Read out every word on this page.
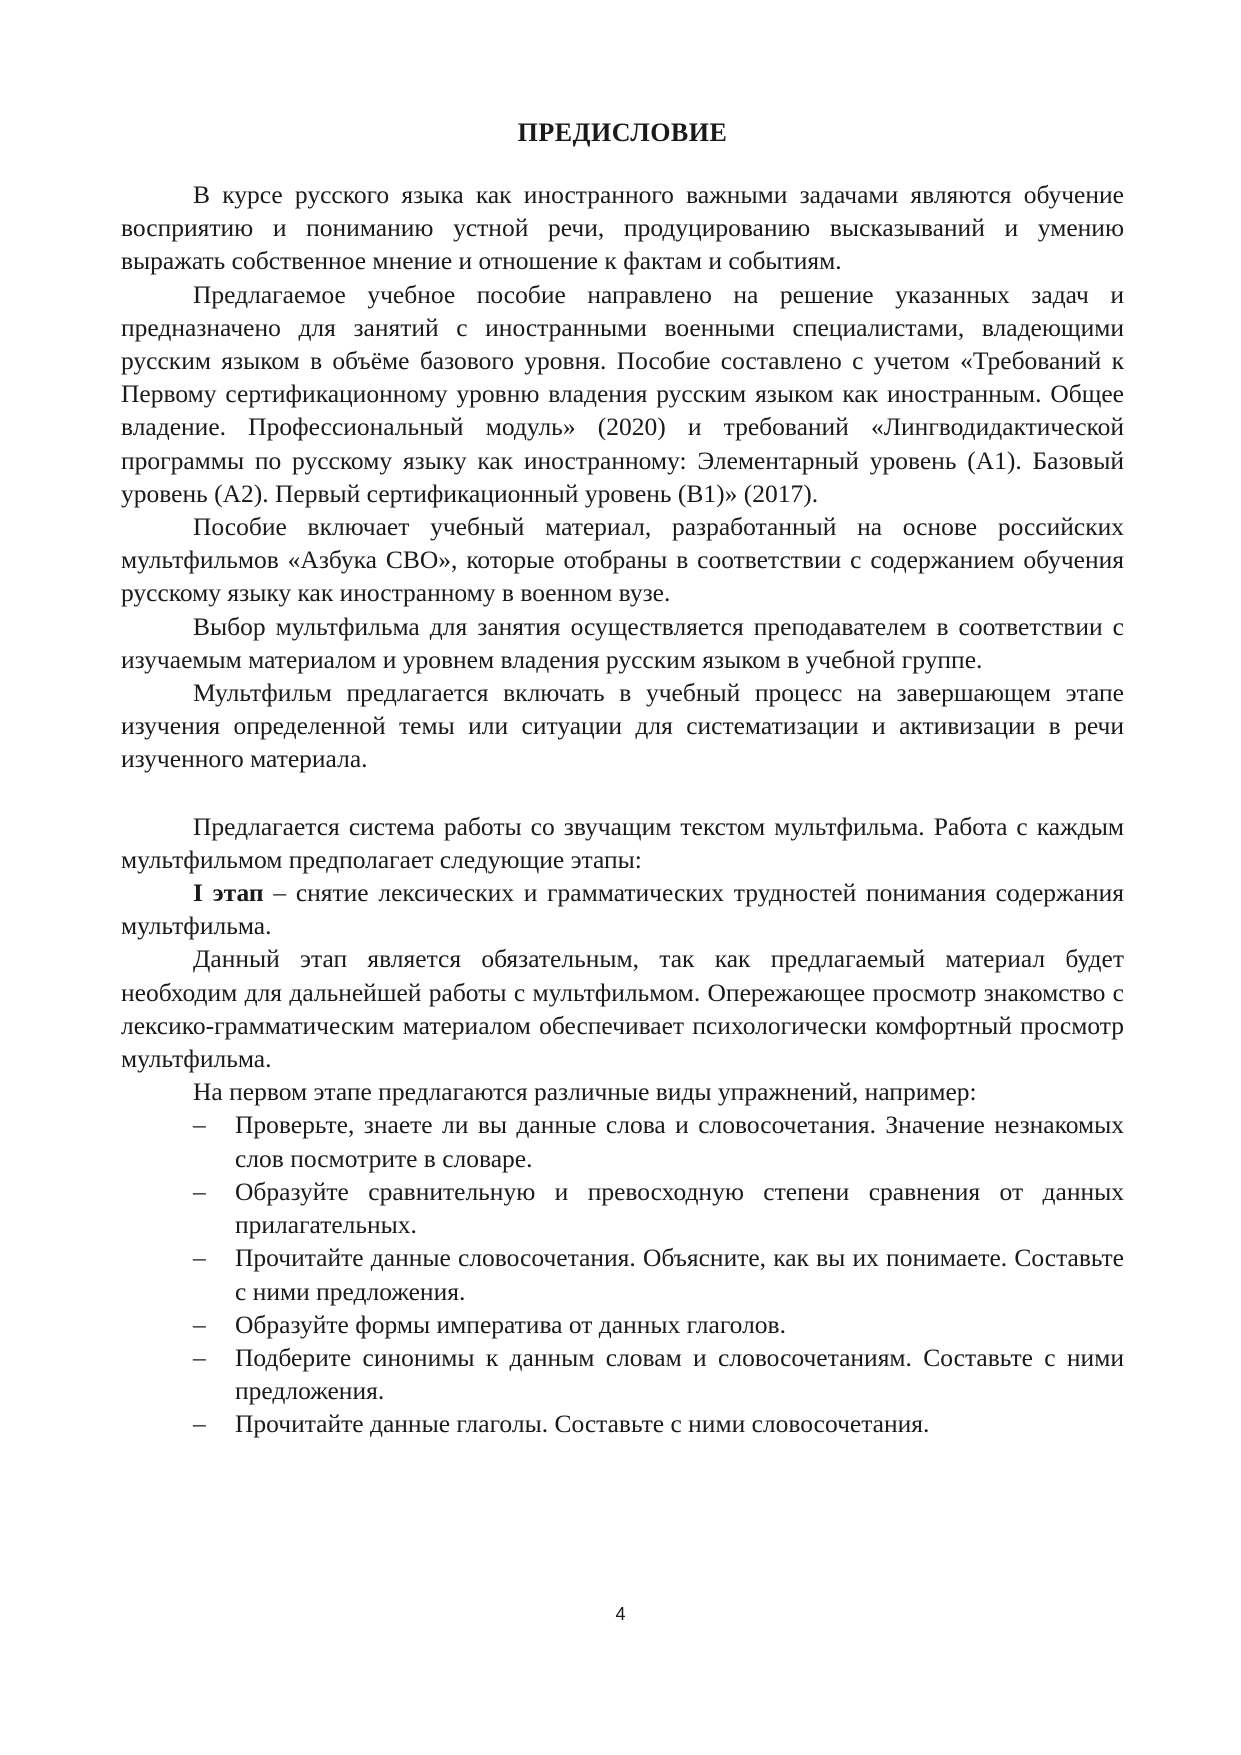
ПРЕДИСЛОВИЕ

В курсе русского языка как иностранного важными задачами являются обучение восприятию и пониманию устной речи, продуцированию высказываний и умению выражать собственное мнение и отношение к фактам и событиям.

Предлагаемое учебное пособие направлено на решение указанных задач и предназначено для занятий с иностранными военными специалистами, владеющими русским языком в объёме базового уровня. Пособие составлено с учетом «Требований к Первому сертификационному уровню владения русским языком как иностранным. Общее владение. Профессиональный модуль» (2020) и требований «Лингводидактической программы по русскому языку как иностранному: Элементарный уровень (А1). Базовый уровень (А2). Первый сертификационный уровень (В1)» (2017).

Пособие включает учебный материал, разработанный на основе российских мультфильмов «Азбука СВО», которые отобраны в соответствии с содержанием обучения русскому языку как иностранному в военном вузе.

Выбор мультфильма для занятия осуществляется преподавателем в соответствии с изучаемым материалом и уровнем владения русским языком в учебной группе.

Мультфильм предлагается включать в учебный процесс на завершающем этапе изучения определенной темы или ситуации для систематизации и активизации в речи изученного материала.

Предлагается система работы со звучащим текстом мультфильма. Работа с каждым мультфильмом предполагает следующие этапы:

I этап – снятие лексических и грамматических трудностей понимания содержания мультфильма.

Данный этап является обязательным, так как предлагаемый материал будет необходим для дальнейшей работы с мультфильмом. Опережающее просмотр знакомство с лексико-грамматическим материалом обеспечивает психологически комфортный просмотр мультфильма.

На первом этапе предлагаются различные виды упражнений, например:

– Проверьте, знаете ли вы данные слова и словосочетания. Значение незнакомых слов посмотрите в словаре.
– Образуйте сравнительную и превосходную степени сравнения от данных прилагательных.
– Прочитайте данные словосочетания. Объясните, как вы их понимаете. Составьте с ними предложения.
– Образуйте формы императива от данных глаголов.
– Подберите синонимы к данным словам и словосочетаниям. Составьте с ними предложения.
– Прочитайте данные глаголы. Составьте с ними словосочетания.
4
